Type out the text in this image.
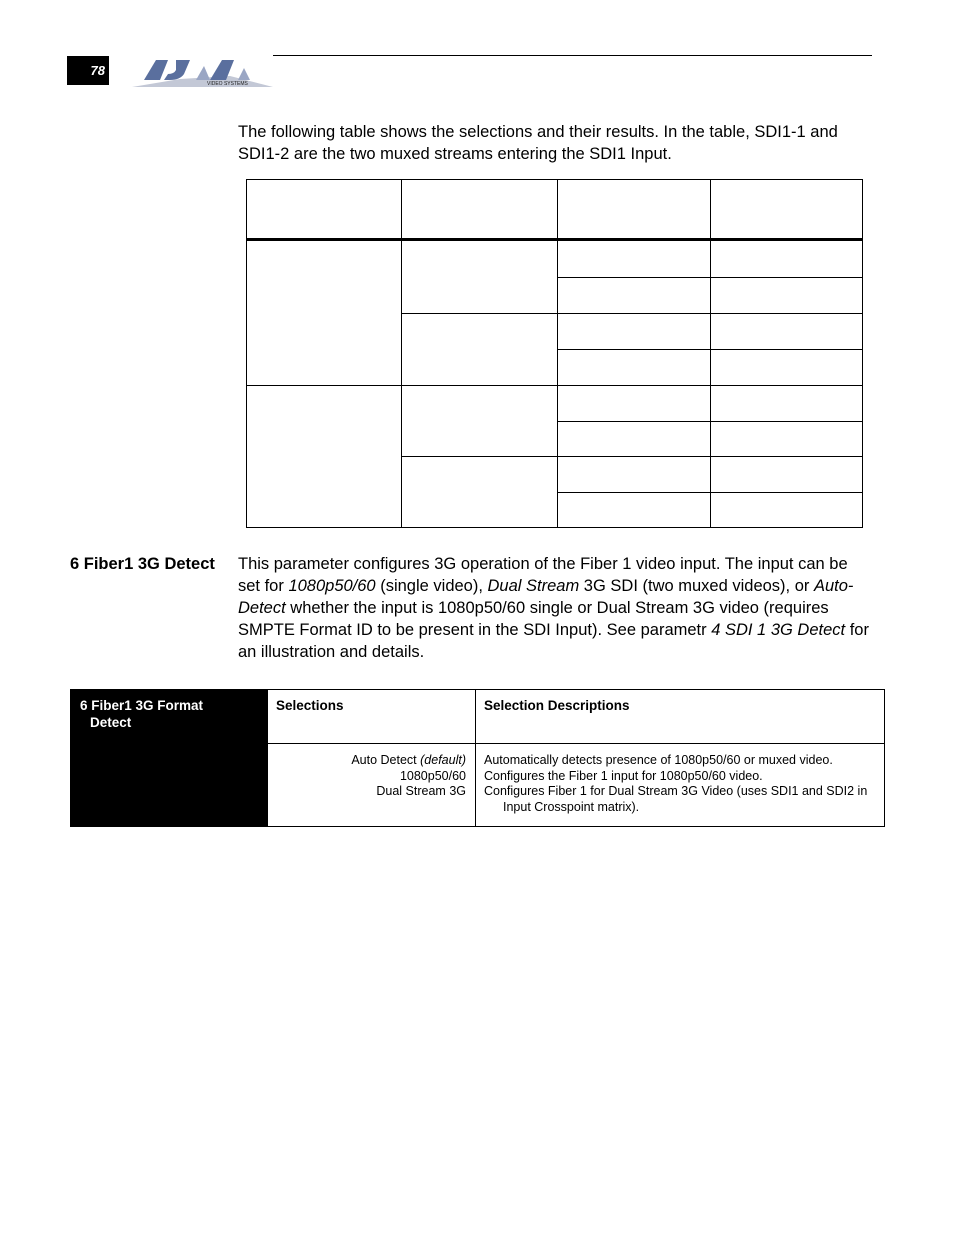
78
VIDEO SYSTEMS
The following table shows the selections and their results. In the table, SDI1-1 and SDI1-2 are the two muxed streams entering the SDI1 Input.
6 Fiber1 3G Detect	This parameter configures 3G operation of the Fiber 1 video input. The input can be set for 1080p50/60 (single video), Dual Stream 3G SDI (two muxed videos), or Auto-Detect whether the input is 1080p50/60 single or Dual Stream 3G video (requires SMPTE Format ID to be present in the SDI Input). See parametr 4 SDI 1 3G Detect for an illustration and details.
6 Fiber1 3G Format
Detect
Selections	Selection Descriptions
Auto Detect (default)
1080p50/60
Dual Stream 3G
Automatically detects presence of 1080p50/60 or muxed video.
Configures the Fiber 1 input for 1080p50/60 video.
Configures Fiber 1 for Dual Stream 3G Video (uses SDI1 and SDI2 in
Input Crosspoint matrix).
